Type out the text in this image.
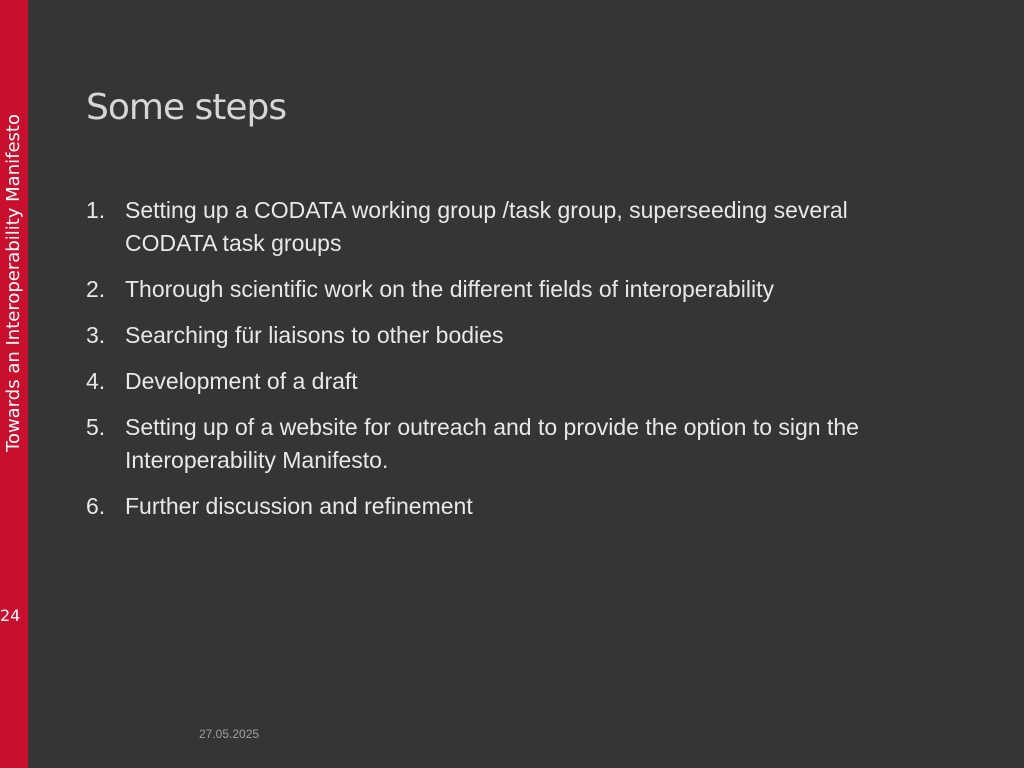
Towards an Interoperability Manifesto
24
Some steps
1. Setting up a CODATA working group /task group, superseeding several CODATA task groups
2. Thorough scientific work on the different fields of interoperability
3. Searching für liaisons to other bodies
4. Development of a draft
5. Setting up of a website for outreach and to provide the option to sign the Interoperability Manifesto.
6. Further discussion and refinement
27.05.2025
